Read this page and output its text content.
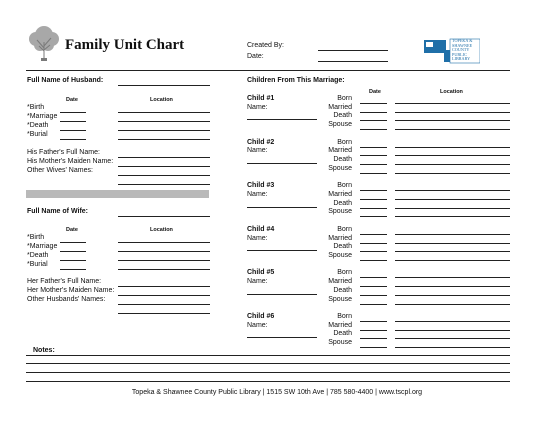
Family Unit Chart	Created By:
Date:
TOPEKA &
SHAWNEE
COUNTY
PUBLIC
LIBRARY
Full Name of Husband:
Date	Location
*Birth
*Marriage
*Death
*Burial
His Father's Full Name:
His Mother's Maiden Name:
Other Wives' Names:
Full Name of Wife:
Date	Location
*Birth
*Marriage
*Death
*Burial
Her Father's Full Name:
Her Mother's Maiden Name:
Other Husbands' Names:
Children From This Marriage:
Date	Location
Child #1
Name:
Born
Married
Death
Spouse
Child #2
Name:
Born
Married
Death
Spouse
Child #3
Name:
Born
Married
Death
Spouse
Child #4
Name:
Born
Married
Death
Spouse
Child #5
Name:
Born
Married
Death
Spouse
Child #6
Name:
Born
Married
Death
Spouse
Notes:
Topeka & Shawnee County Public Library | 1515 SW 10th Ave | 785 580-4400 | www.tscpl.org
